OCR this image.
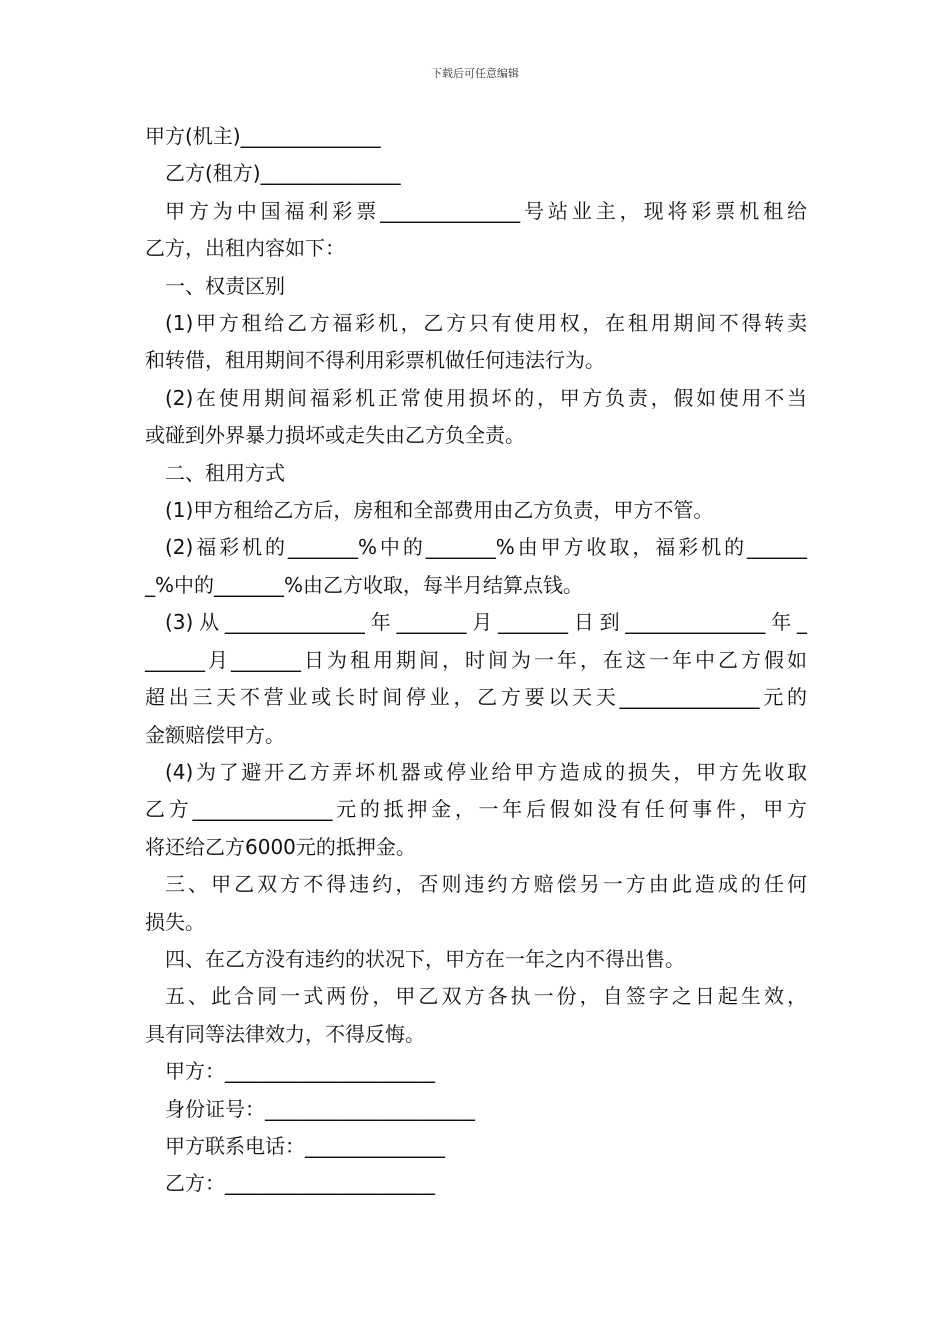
下载后可任意编辑

甲方(机主)______________

乙方(租方)______________

甲方为中国福利彩票______________号站业主，现将彩票机租给

乙方，出租内容如下：

一、权责区别

(1)甲方租给乙方福彩机，乙方只有使用权，在租用期间不得转卖

和转借，租用期间不得利用彩票机做任何违法行为。

(2)在使用期间福彩机正常使用损坏的，甲方负责，假如使用不当

或碰到外界暴力损坏或走失由乙方负全责。

二、租用方式

(1)甲方租给乙方后，房租和全部费用由乙方负责，甲方不管。

(2)福彩机的_______%中的_______%由甲方收取，福彩机的______

_%中的_______%由乙方收取，每半月结算点钱。

(3)从______________年_______月_______日到______________年_

______月_______日为租用期间，时间为一年，在这一年中乙方假如

超出三天不营业或长时间停业，乙方要以天天______________元的

金额赔偿甲方。

(4)为了避开乙方弄坏机器或停业给甲方造成的损失，甲方先收取

乙方______________元的抵押金，一年后假如没有任何事件，甲方

将还给乙方6000元的抵押金。

三、甲乙双方不得违约，否则违约方赔偿另一方由此造成的任何

损失。

四、在乙方没有违约的状况下，甲方在一年之内不得出售。

五、此合同一式两份，甲乙双方各执一份，自签字之日起生效，

具有同等法律效力，不得反悔。

甲方：_____________________

身份证号：_____________________

甲方联系电话：______________

乙方：_____________________
